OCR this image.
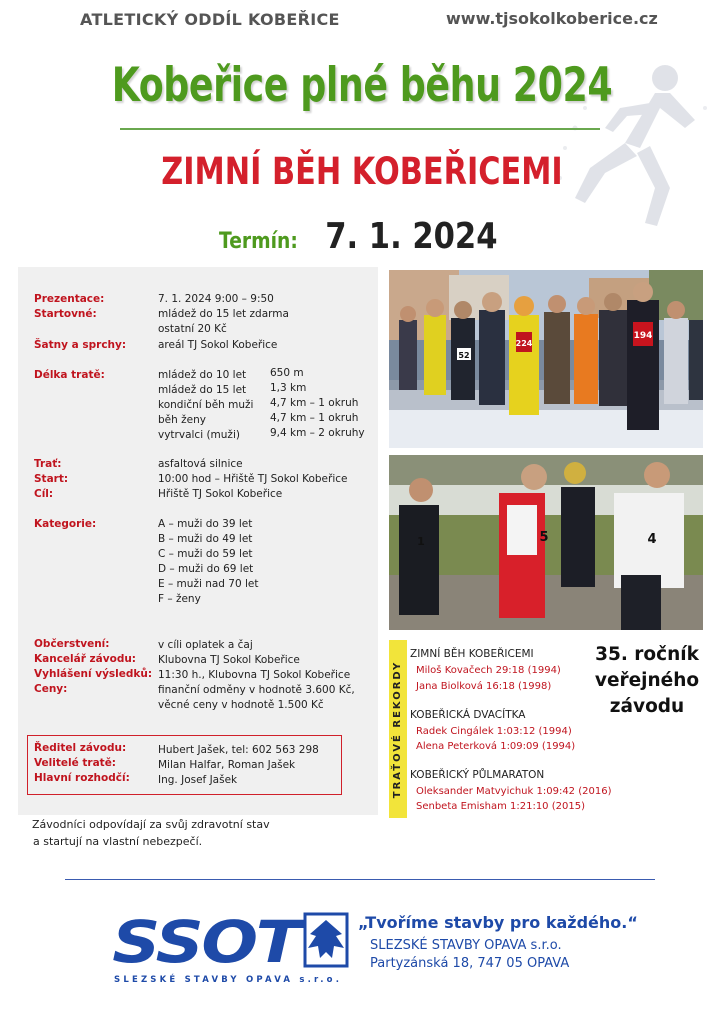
ATLETICKÝ ODDÍL KOBEŘICE	www.tjsokolkoberice.cz
Kobeřice plné běhu 2024
ZIMNÍ BĚH KOBEŘICEMI
Termín: 7. 1. 2024
Prezentace:	7. 1. 2024 9:00 – 9:50
Startovné:	mládež do 15 let zdarma
ostatní 20 Kč
Šatny a sprchy:	areál TJ Sokol Kobeřice
Délka tratě:	mládež do 10 let 650 m
mládež do 15 let 1,3 km
kondiční běh muži 4,7 km – 1 okruh
běh ženy	4,7 km – 1 okruh
vytrvalci (muži)	9,4 km – 2 okruhy
Trať:	asfaltová silnice
Start:	10:00 hod – Hřiště TJ Sokol Kobeřice
Cíl:	Hřiště TJ Sokol Kobeřice
Kategorie:	A – muži do 39 let
B – muži do 49 let
C – muži do 59 let
D – muži do 69 let
E – muži nad 70 let
F – ženy
Občerstvení:	v cíli oplatek a čaj
Kancelář závodu: Klubovna TJ Sokol Kobeřice
Vyhlášení výsledků: 11:30 h., Klubovna TJ Sokol Kobeřice
Ceny:	finanční odměny v hodnotě 3.600 Kč,
věcné ceny v hodnotě 1.500 Kč
Ředitel závodu:	Hubert Jašek, tel: 602 563 298
Velitelé tratě:	Milan Halfar, Roman Jašek
Hlavní rozhodčí:	Ing. Josef Jašek
Závodníci odpovídají za svůj zdravotní stav
a startují na vlastní nebezpečí.
52
224
194
1	5	4
TRAŤOVÉ REKORDY
ZIMNÍ BĚH KOBEŘICEMI
Miloš Kovačech 29:18 (1994)
Jana Biolková 16:18 (1998)
KOBEŘICKÁ DVACÍTKA
Radek Cingálek 1:03:12 (1994)
Alena Peterková 1:09:09 (1994)
KOBEŘICKÝ PŮLMARATON
Oleksander Matvyichuk 1:09:42 (2016)
Senbeta Emisham 1:21:10 (2015)
35. ročník
veřejného
závodu
SSOT
SLEZSKÉ STAVBY OPAVA s.r.o.
„Tvoříme stavby pro každého.“
SLEZSKÉ STAVBY OPAVA s.r.o.
Partyzánská 18, 747 05 OPAVA
